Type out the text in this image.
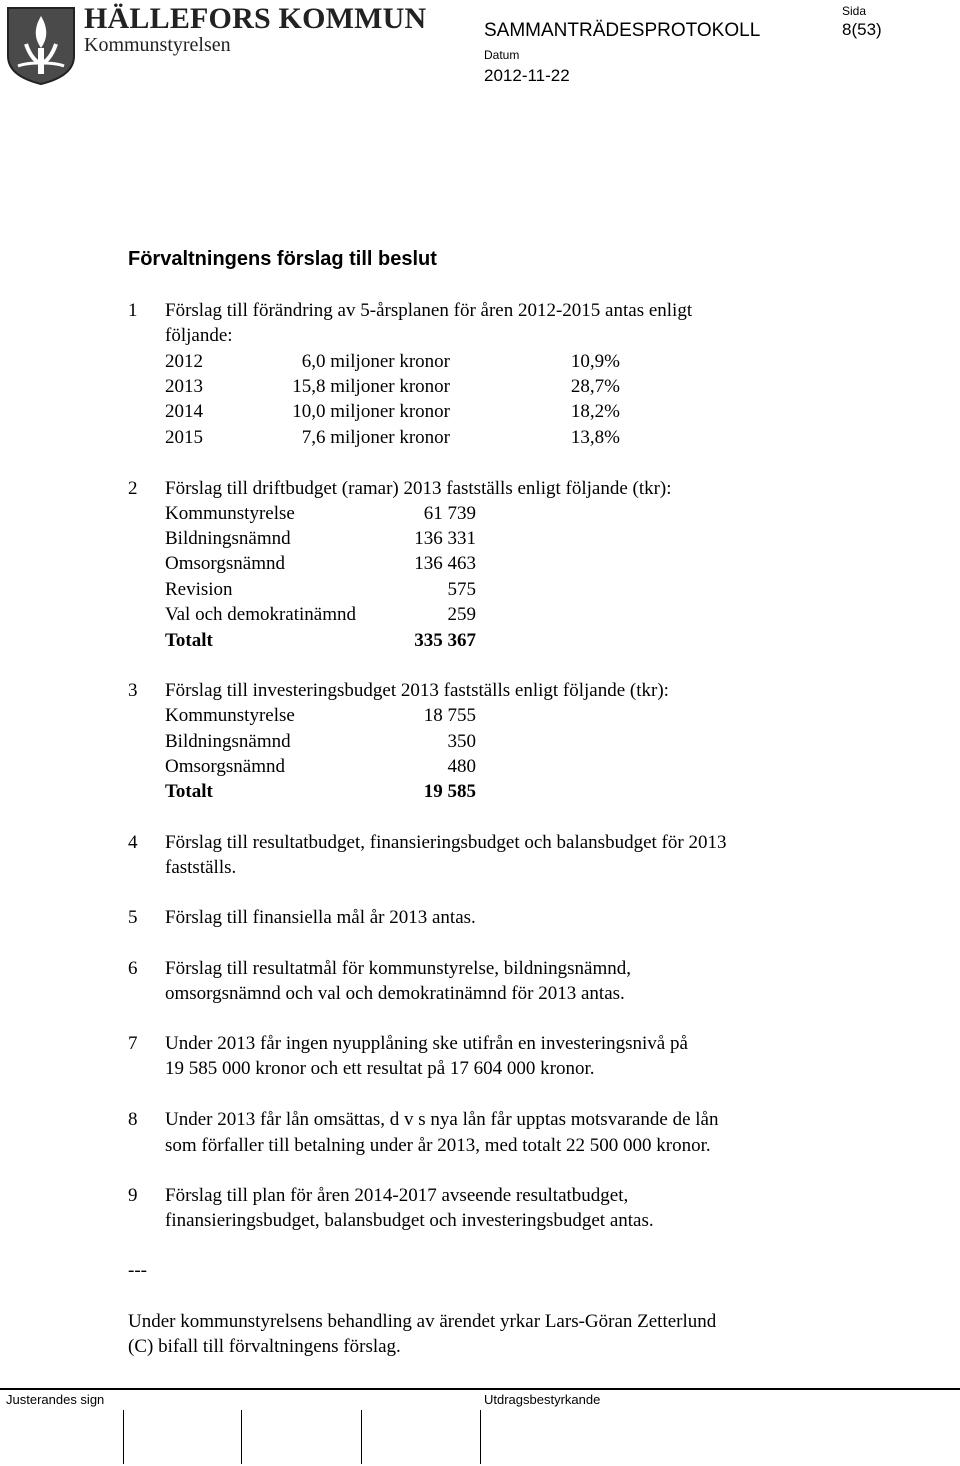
HÄLLEFORS KOMMUN
Kommunstyrelsen
SAMMANTRÄDESPROTOKOLL
Datum
2012-11-22
Sida
8(53)
Förvaltningens förslag till beslut
1	Förslag till förändring av 5-årsplanen för åren 2012-2015 antas enligt
följande:
2012	6,0 miljoner kronor	10,9%
2013	15,8 miljoner kronor	28,7%
2014	10,0 miljoner kronor	18,2%
2015	7,6 miljoner kronor	13,8%
2	Förslag till driftbudget (ramar) 2013 fastställs enligt följande (tkr):
Kommunstyrelse	61 739
Bildningsnämnd	136 331
Omsorgsnämnd	136 463
Revision	575
Val och demokratinämnd	259
Totalt	335 367
3	Förslag till investeringsbudget 2013 fastställs enligt följande (tkr):
Kommunstyrelse	18 755
Bildningsnämnd	350
Omsorgsnämnd	480
Totalt	19 585
4	Förslag till resultatbudget, finansieringsbudget och balansbudget för 2013
fastställs.
5	Förslag till finansiella mål år 2013 antas.
6	Förslag till resultatmål för kommunstyrelse, bildningsnämnd,
omsorgsnämnd och val och demokratinämnd för 2013 antas.
7	Under 2013 får ingen nyupplåning ske utifrån en investeringsnivå på
19 585 000 kronor och ett resultat på 17 604 000 kronor.
8	Under 2013 får lån omsättas, d v s nya lån får upptas motsvarande de lån
som förfaller till betalning under år 2013, med totalt 22 500 000 kronor.
9	Förslag till plan för åren 2014-2017 avseende resultatbudget,
finansieringsbudget, balansbudget och investeringsbudget antas.
---
Under kommunstyrelsens behandling av ärendet yrkar Lars-Göran Zetterlund
(C) bifall till förvaltningens förslag.
Justerandes sign	Utdragsbestyrkande
